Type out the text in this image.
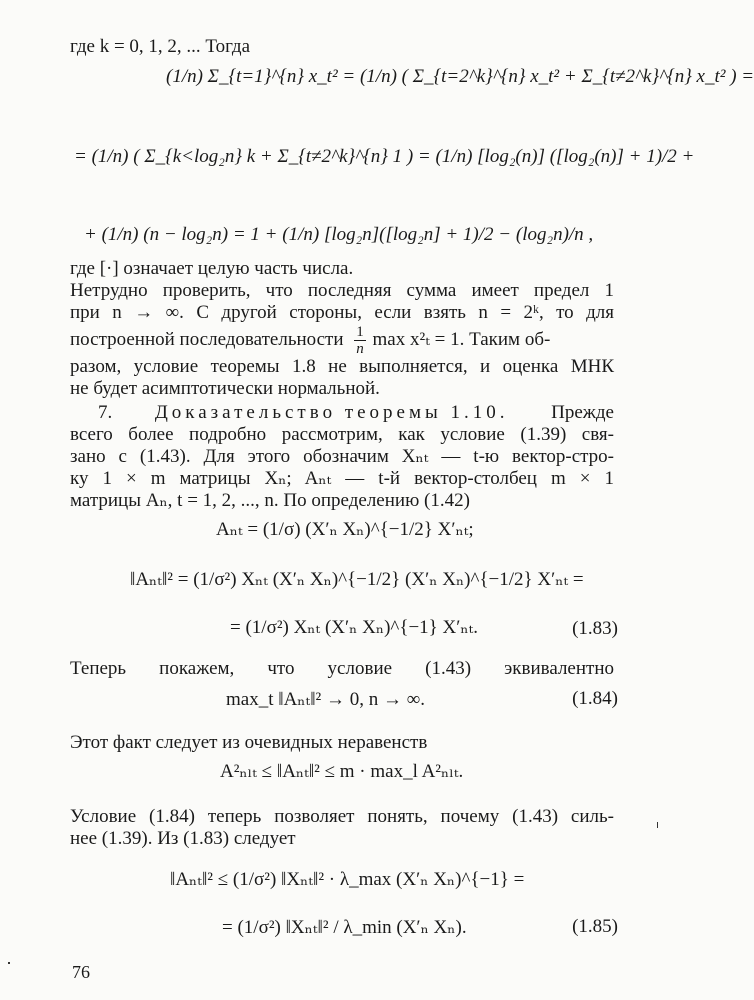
где k = 0, 1, 2, ... Тогда
(1/n) Σ_{t=1}^{n} x_t² = (1/n) ( Σ_{t=2^k}^{n} x_t² + Σ_{t≠2^k}^{n} x_t² ) =
= (1/n) ( Σ_{k<log₂n} k + Σ_{t≠2^k}^{n} 1 ) = (1/n) [log₂(n)] ([log₂(n)] + 1)/2 +
+ (1/n) (n − log₂n) = 1 + (1/n) [log₂n]([log₂n] + 1)/2 − (log₂n)/n ,
где [·] означает целую часть числа.
Нетрудно проверить, что последняя сумма имеет предел 1
при n → ∞. С другой стороны, если взять n = 2ᵏ, то для
построенной последовательности $\frac{1}{n}$ max x²ₜ = 1. Таким об-
разом, условие теоремы 1.8 не выполняется, и оценка МНК
не будет асимптотически нормальной.
7. Доказательство теоремы 1.10. Прежде
всего более подробно рассмотрим, как условие (1.39) свя-
зано с (1.43). Для этого обозначим Xₙₜ — t-ю вектор-стро-
ку 1 × m матрицы Xₙ; Aₙₜ — t-й вектор-столбец m × 1
матрицы Aₙ, t = 1, 2, ..., n. По определению (1.42)
Aₙₜ = (1/σ) (X′ₙ Xₙ)^{−1/2} X′ₙₜ;
‖Aₙₜ‖² = (1/σ²) Xₙₜ (X′ₙ Xₙ)^{−1/2} (X′ₙ Xₙ)^{−1/2} X′ₙₜ =
= (1/σ²) Xₙₜ (X′ₙ Xₙ)^{−1} X′ₙₜ.	(1.83)
Теперь покажем, что условие (1.43) эквивалентно
max_t ‖Aₙₜ‖² → 0, n → ∞.	(1.84)
Этот факт следует из очевидных неравенств
A²ₙₗₜ ≤ ‖Aₙₜ‖² ≤ m · max_l A²ₙₗₜ.
Условие (1.84) теперь позволяет понять, почему (1.43) силь-
нее (1.39). Из (1.83) следует
‖Aₙₜ‖² ≤ (1/σ²) ‖Xₙₜ‖² · λ_max (X′ₙ Xₙ)^{−1} =
= (1/σ²) ‖Xₙₜ‖² / λ_min (X′ₙ Xₙ).	(1.85)
76
